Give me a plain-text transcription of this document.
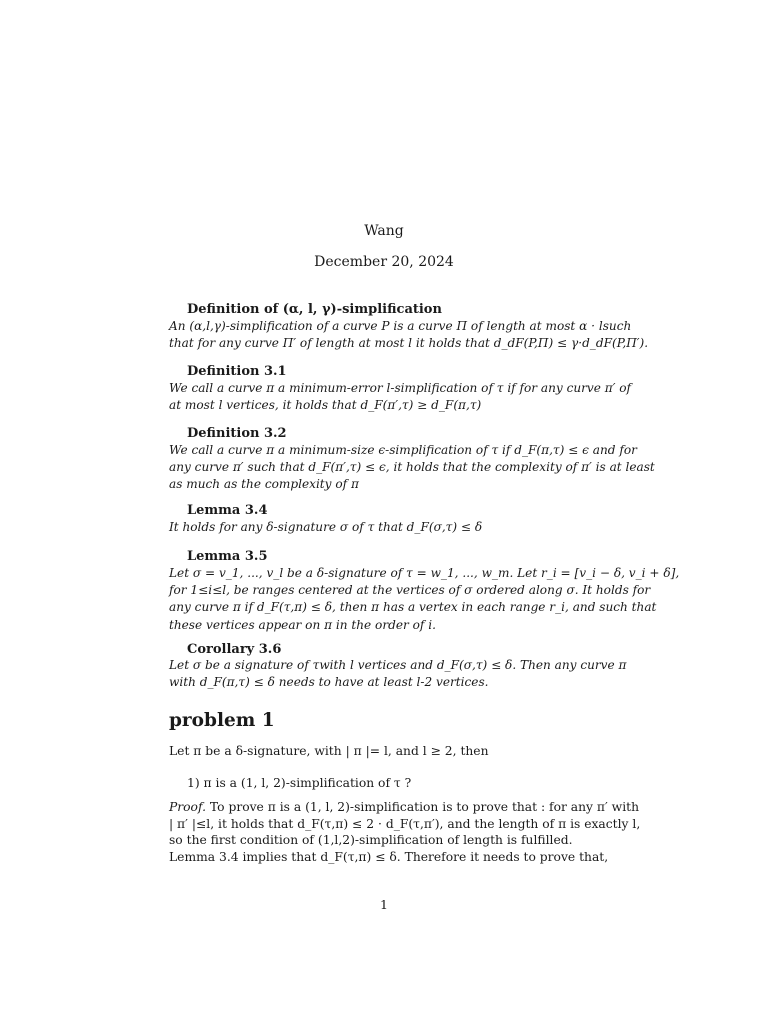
Wang
December 20, 2024
Definition of (α, l, γ)-simplification
An (α,l,γ)-simplification of a curve P is a curve Π of length at most α · lsuch
that for any curve Π′ of length at most l it holds that d_dF(P,Π) ≤ γ·d_dF(P,Π′).
Definition 3.1
We call a curve π a minimum-error l-simplification of τ if for any curve π′ of
at most l vertices, it holds that d_F(π′,τ) ≥ d_F(π,τ)
Definition 3.2
We call a curve π a minimum-size ϵ-simplification of τ if d_F(π,τ) ≤ ϵ and for
any curve π′ such that d_F(π′,τ) ≤ ϵ, it holds that the complexity of π′ is at least
as much as the complexity of π
Lemma 3.4
It holds for any δ-signature σ of τ that d_F(σ,τ) ≤ δ
Lemma 3.5
Let σ = v_1, ..., v_l be a δ-signature of τ = w_1, ..., w_m. Let r_i = [v_i − δ, v_i + δ],
for 1≤i≤l, be ranges centered at the vertices of σ ordered along σ. It holds for
any curve π if d_F(τ,π) ≤ δ, then π has a vertex in each range r_i, and such that
these vertices appear on π in the order of i.
Corollary 3.6
Let σ be a signature of τwith l vertices and d_F(σ,τ) ≤ δ. Then any curve π
with d_F(π,τ) ≤ δ needs to have at least l-2 vertices.
problem 1
Let π be a δ-signature, with | π |= l, and l ≥ 2, then
1) π is a (1, l, 2)-simplification of τ ?
Proof. To prove π is a (1, l, 2)-simplification is to prove that : for any π′ with
| π′ |≤l, it holds that d_F(τ,π) ≤ 2 · d_F(τ,π′), and the length of π is exactly l,
so the first condition of (1,l,2)-simplification of length is fulfilled.
Lemma 3.4 implies that d_F(τ,π) ≤ δ. Therefore it needs to prove that,
1
